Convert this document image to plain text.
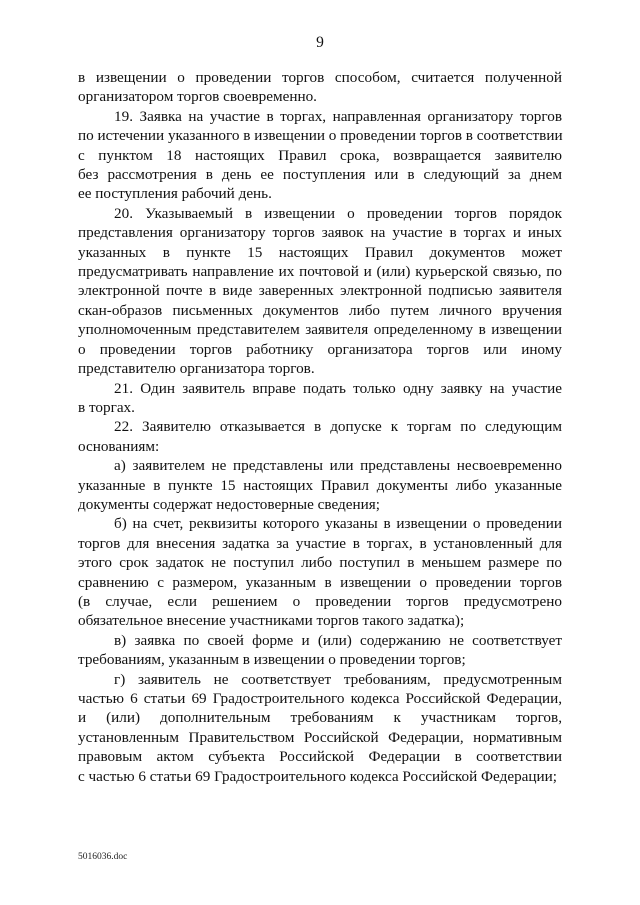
9
в извещении о проведении торгов способом, считается полученной
организатором торгов своевременно.
19. Заявка на участие в торгах, направленная организатору торгов
по истечении указанного в извещении о проведении торгов в соответствии
с пунктом 18 настоящих Правил срока, возвращается заявителю
без рассмотрения в день ее поступления или в следующий за днем
ее поступления рабочий день.
20. Указываемый в извещении о проведении торгов порядок
представления организатору торгов заявок на участие в торгах и иных
указанных в пункте 15 настоящих Правил документов может
предусматривать направление их почтовой и (или) курьерской связью, по
электронной почте в виде заверенных электронной подписью заявителя
скан-образов письменных документов либо путем личного вручения
уполномоченным представителем заявителя определенному в извещении
о проведении торгов работнику организатора торгов или иному
представителю организатора торгов.
21. Один заявитель вправе подать только одну заявку на участие
в торгах.
22. Заявителю отказывается в допуске к торгам по следующим
основаниям:
а) заявителем не представлены или представлены несвоевременно
указанные в пункте 15 настоящих Правил документы либо указанные
документы содержат недостоверные сведения;
б) на счет, реквизиты которого указаны в извещении о проведении
торгов для внесения задатка за участие в торгах, в установленный для
этого срок задаток не поступил либо поступил в меньшем размере по
сравнению с размером, указанным в извещении о проведении торгов
(в случае, если решением о проведении торгов предусмотрено
обязательное внесение участниками торгов такого задатка);
в) заявка по своей форме и (или) содержанию не соответствует
требованиям, указанным в извещении о проведении торгов;
г) заявитель не соответствует требованиям, предусмотренным
частью 6 статьи 69 Градостроительного кодекса Российской Федерации,
и (или) дополнительным требованиям к участникам торгов,
установленным Правительством Российской Федерации, нормативным
правовым актом субъекта Российской Федерации в соответствии
с частью 6 статьи 69 Градостроительного кодекса Российской Федерации;
5016036.doc
